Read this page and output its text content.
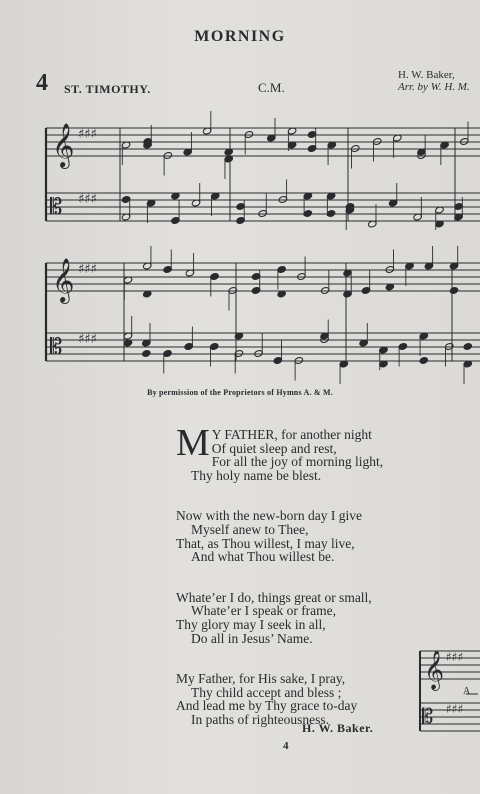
MORNING
4 ST. TIMOTHY.	C.M.
H. W. Baker,
Arr. by W. H. M.
𝄞
𝄡
♯♯♯
♯♯♯
𝄞
𝄡
♯♯♯
♯♯♯
𝄞
𝄡
♯♯♯
♯♯♯
A
By permission of the Proprietors of Hymns A. & M.
M Y FATHER, for another night
Of quiet sleep and rest,
For all the joy of morning light,
Thy holy name be blest.
Now with the new-born day I give
Myself anew to Thee,
That, as Thou willest, I may live,
And what Thou willest be.
Whate’er I do, things great or small,
Whate’er I speak or frame,
Thy glory may I seek in all,
Do all in Jesus’ Name.
My Father, for His sake, I pray,
Thy child accept and bless ;
And lead me by Thy grace to-day
In paths of righteousness.
H. W. Baker.
4
